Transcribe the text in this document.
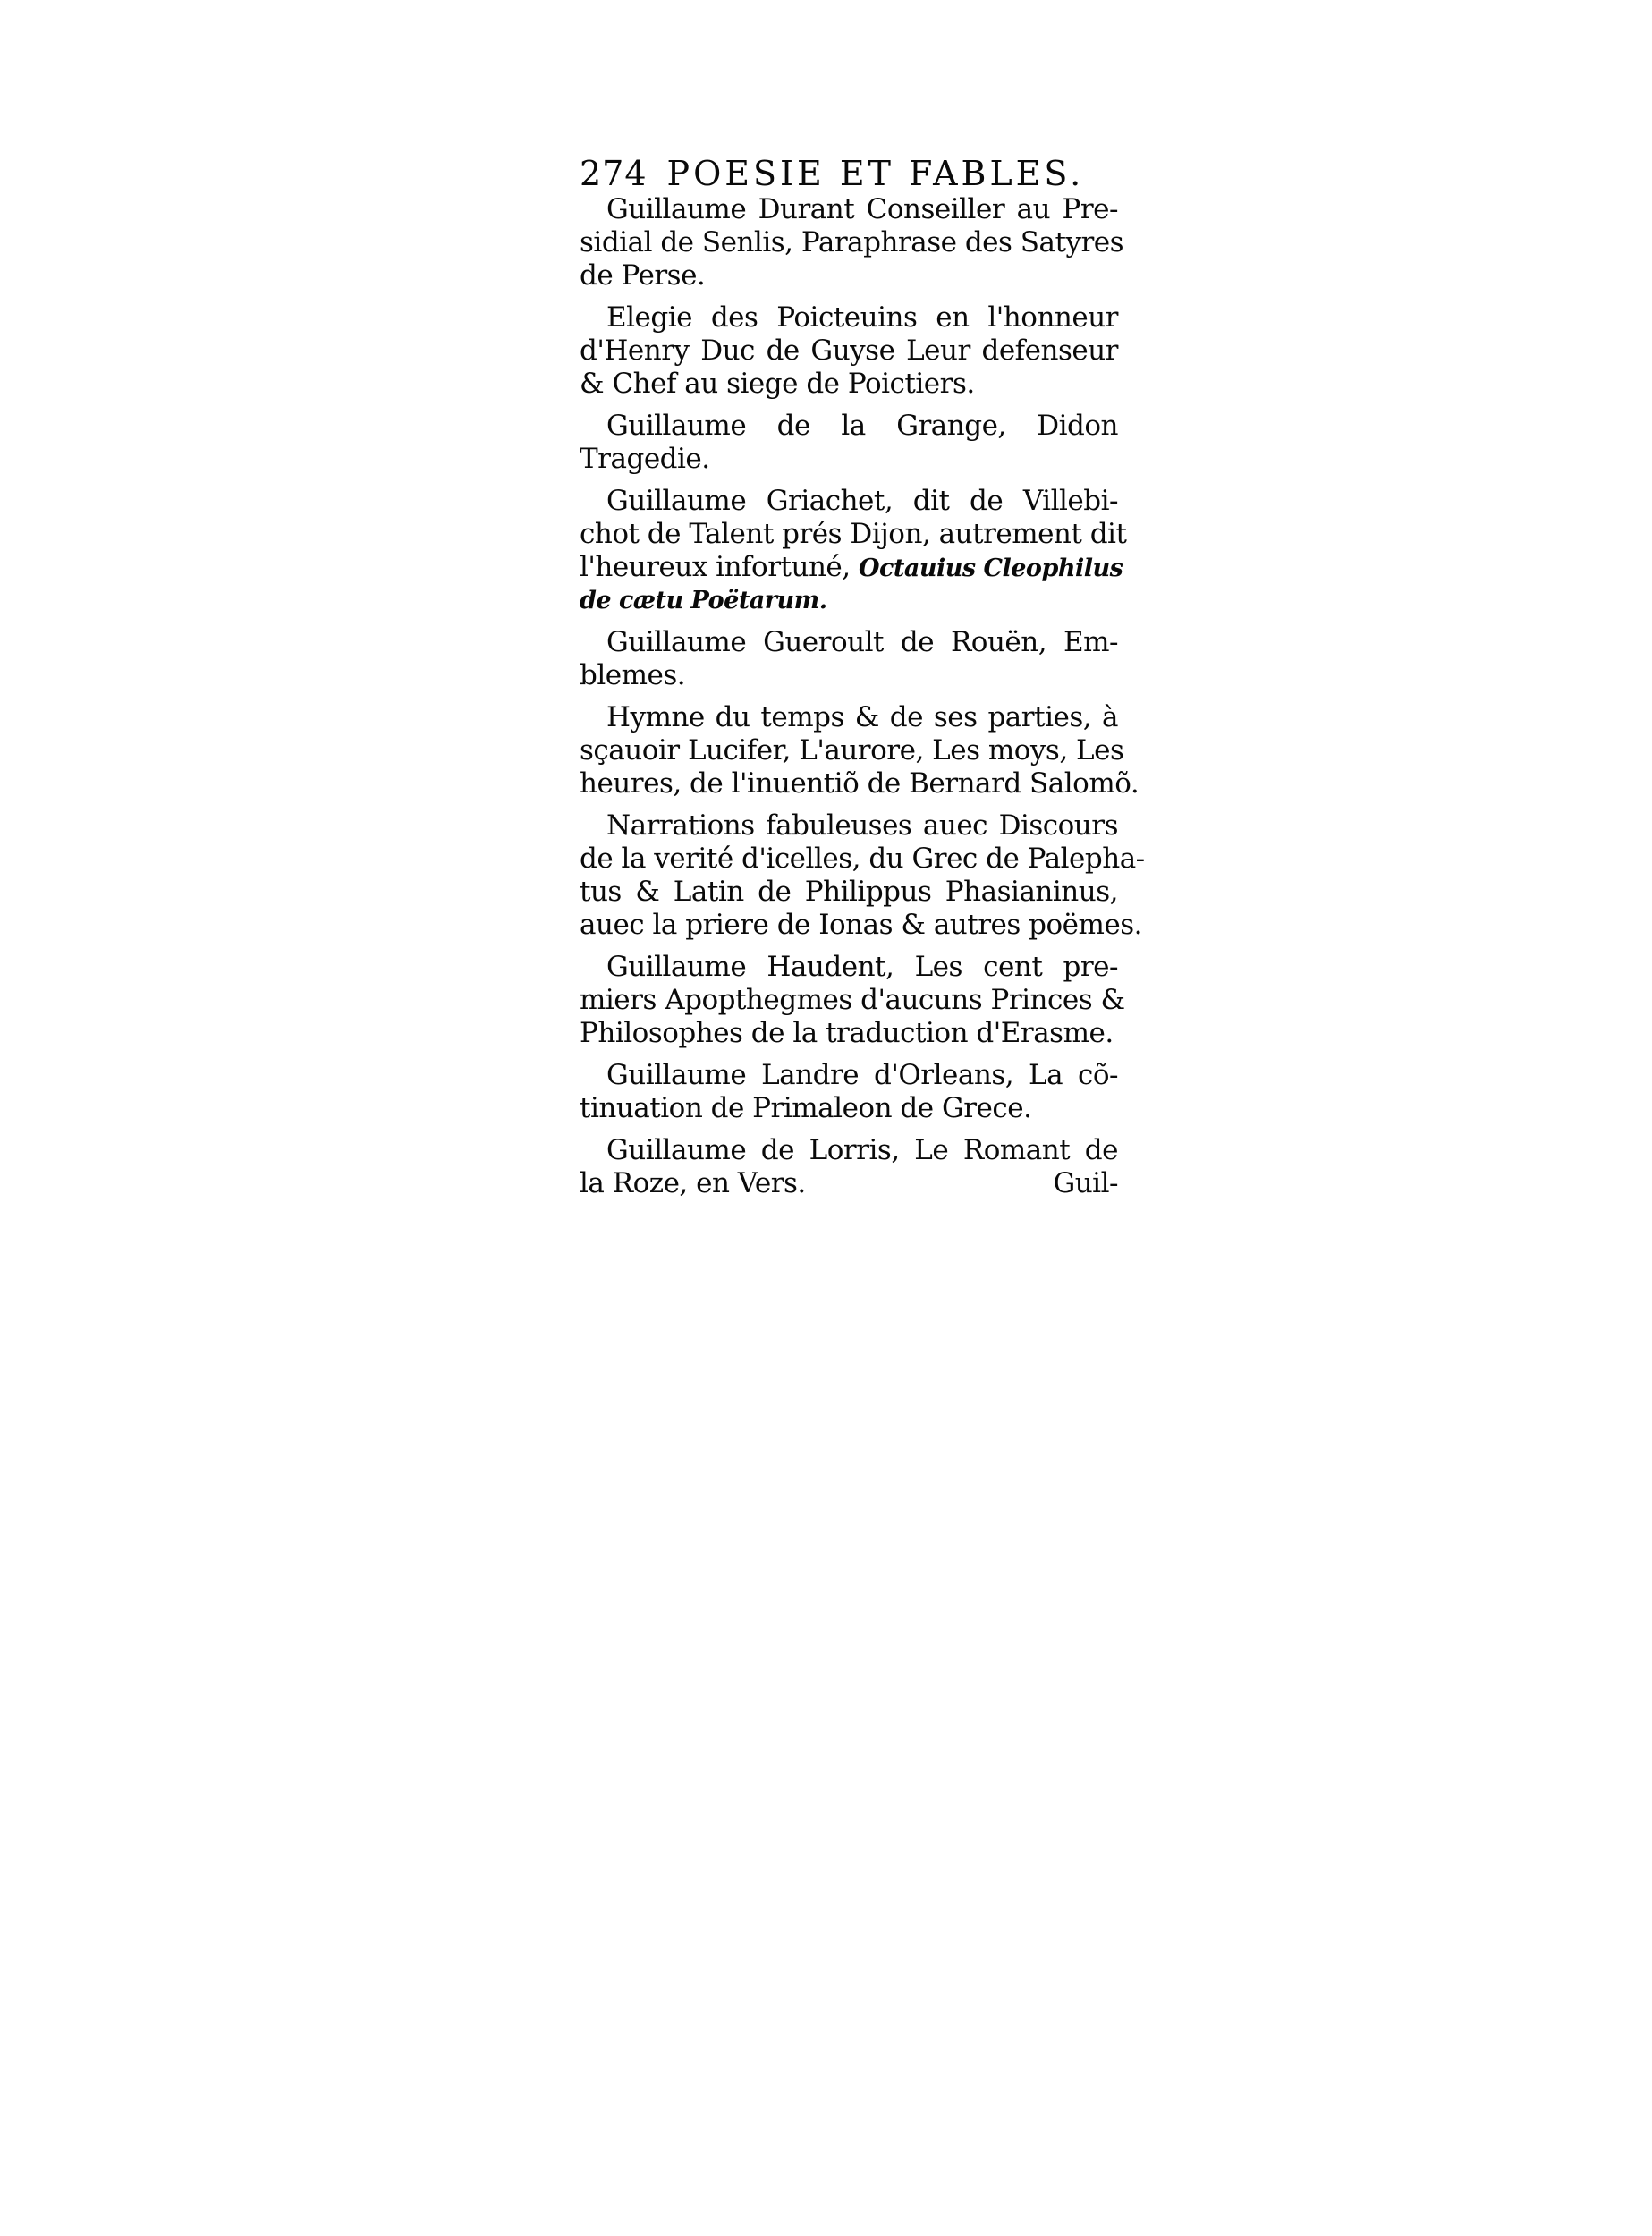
274 POESIE ET FABLES.
Guillaume Durant Conseiller au Pre-
sidial de Senlis, Paraphrase des Satyres
de Perse.
Elegie des Poicteuins en l'honneur
d'Henry Duc de Guyse Leur defenseur
& Chef au siege de Poictiers.
Guillaume de la Grange, Didon
Tragedie.
Guillaume Griachet, dit de Villebi-
chot de Talent prés Dijon, autrement dit
l'heureux infortuné, Octauius Cleophilus
de cætu Poëtarum.
Guillaume Gueroult de Rouën, Em-
blemes.
Hymne du temps & de ses parties, à
sçauoir Lucifer, L'aurore, Les moys, Les
heures, de l'inuentiõ de Bernard Salomõ.
Narrations fabuleuses auec Discours
de la verité d'icelles, du Grec de Palepha-
tus & Latin de Philippus Phasianinus,
auec la priere de Ionas & autres poëmes.
Guillaume Haudent, Les cent pre-
miers Apopthegmes d'aucuns Princes &
Philosophes de la traduction d'Erasme.
Guillaume Landre d'Orleans, La cõ-
tinuation de Primaleon de Grece.
Guillaume de Lorris, Le Romant de
la Roze, en Vers.	Guil-
